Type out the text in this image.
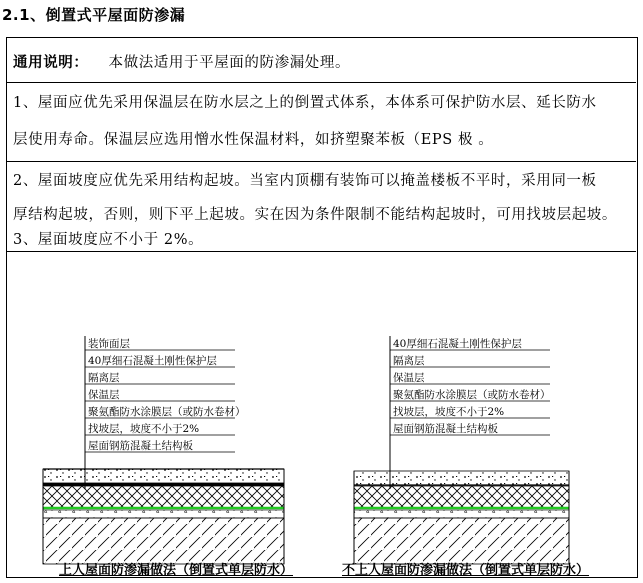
2.1、倒置式平屋面防渗漏
通用说明： 本做法适用于平屋面的防渗漏处理。
1、屋面应优先采用保温层在防水层之上的倒置式体系，本体系可保护防水层、延长防水
层使用寿命。保温层应选用憎水性保温材料，如挤塑聚苯板（EPS 极 。
2、屋面坡度应优先采用结构起坡。当室内顶棚有装饰可以掩盖楼板不平时，采用同一板
厚结构起坡，否则，则下平上起坡。实在因为条件限制不能结构起坡时，可用找坡层起坡。
3、屋面坡度应不小于 2%。
装饰面层
40厚细石混凝土刚性保护层
隔离层
保温层
聚氨酯防水涂膜层（或防水卷材）
找坡层，坡度不小于2%
屋面钢筋混凝土结构板
40厚细石混凝土刚性保护层
隔离层
保温层
聚氨酯防水涂膜层（或防水卷材）
找坡层，坡度不小于2%
屋面钢筋混凝土结构板
上人屋面防渗漏做法（倒置式单层防水）	不上人屋面防渗漏做法（倒置式单层防水）
